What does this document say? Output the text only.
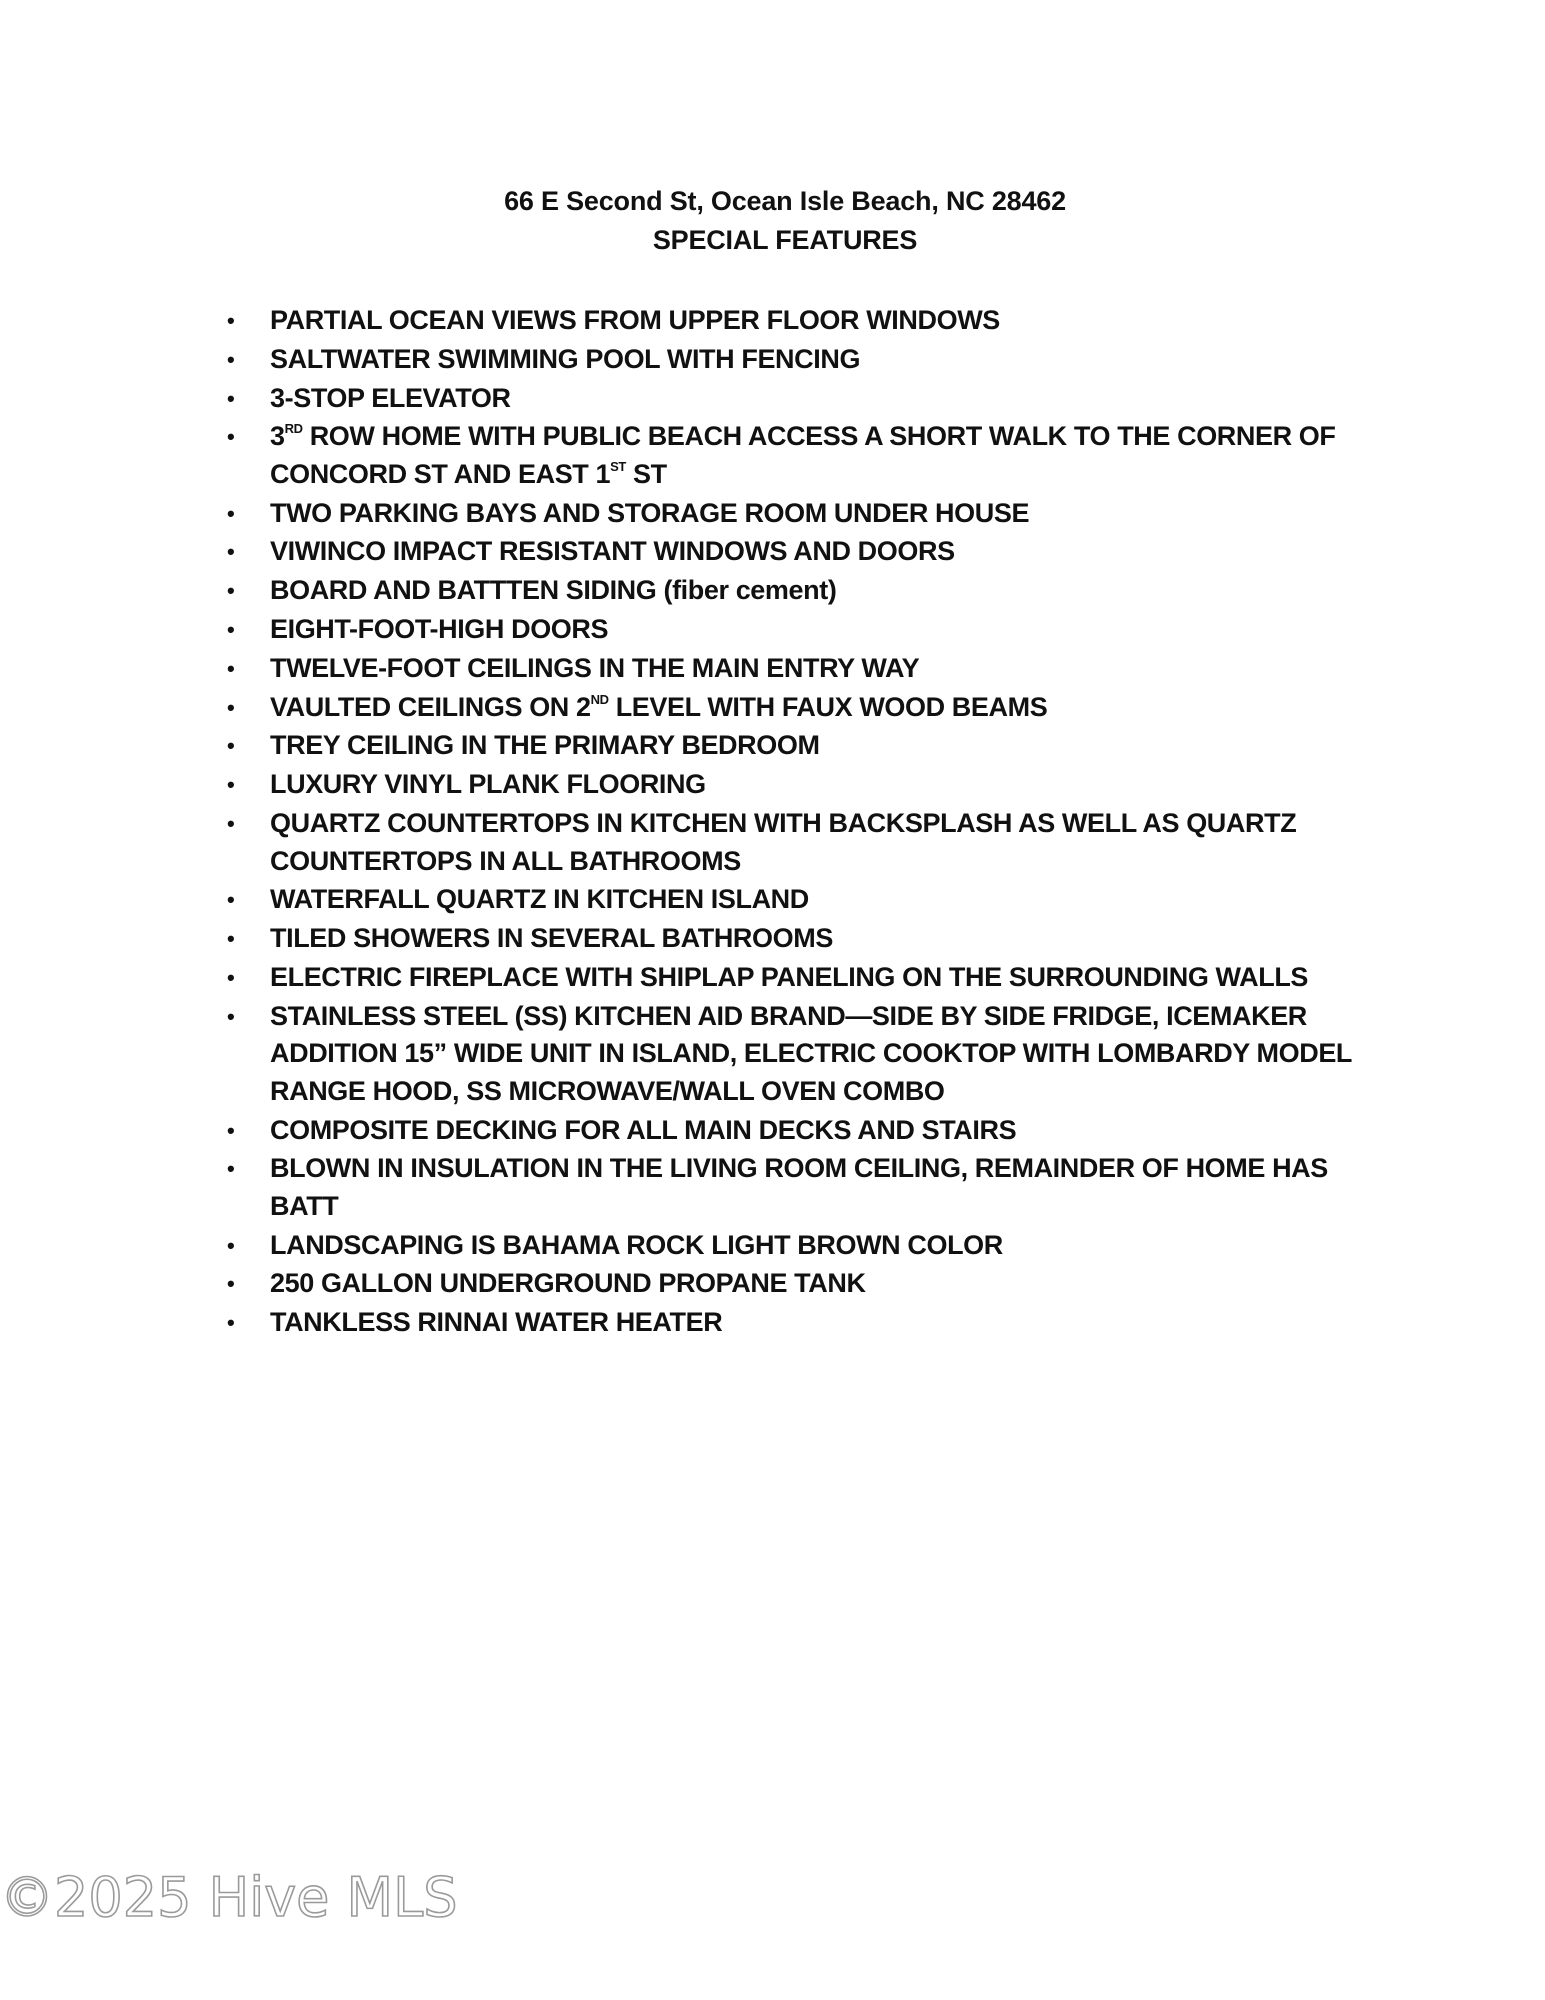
66 E Second St, Ocean Isle Beach, NC 28462
SPECIAL FEATURES
• PARTIAL OCEAN VIEWS FROM UPPER FLOOR WINDOWS
• SALTWATER SWIMMING POOL WITH FENCING
• 3-STOP ELEVATOR
• 3RD ROW HOME WITH PUBLIC BEACH ACCESS A SHORT WALK TO THE CORNER OF CONCORD ST AND EAST 1ST ST
• TWO PARKING BAYS AND STORAGE ROOM UNDER HOUSE
• VIWINCO IMPACT RESISTANT WINDOWS AND DOORS
• BOARD AND BATTTEN SIDING (fiber cement)
• EIGHT-FOOT-HIGH DOORS
• TWELVE-FOOT CEILINGS IN THE MAIN ENTRY WAY
• VAULTED CEILINGS ON 2ND LEVEL WITH FAUX WOOD BEAMS
• TREY CEILING IN THE PRIMARY BEDROOM
• LUXURY VINYL PLANK FLOORING
• QUARTZ COUNTERTOPS IN KITCHEN WITH BACKSPLASH AS WELL AS QUARTZ COUNTERTOPS IN ALL BATHROOMS
• WATERFALL QUARTZ IN KITCHEN ISLAND
• TILED SHOWERS IN SEVERAL BATHROOMS
• ELECTRIC FIREPLACE WITH SHIPLAP PANELING ON THE SURROUNDING WALLS
• STAINLESS STEEL (SS) KITCHEN AID BRAND—SIDE BY SIDE FRIDGE, ICEMAKER ADDITION 15” WIDE UNIT IN ISLAND, ELECTRIC COOKTOP WITH LOMBARDY MODEL RANGE HOOD, SS MICROWAVE/WALL OVEN COMBO
• COMPOSITE DECKING FOR ALL MAIN DECKS AND STAIRS
• BLOWN IN INSULATION IN THE LIVING ROOM CEILING, REMAINDER OF HOME HAS BATT
• LANDSCAPING IS BAHAMA ROCK LIGHT BROWN COLOR
• 250 GALLON UNDERGROUND PROPANE TANK
• TANKLESS RINNAI WATER HEATER
©2025 Hive MLS
